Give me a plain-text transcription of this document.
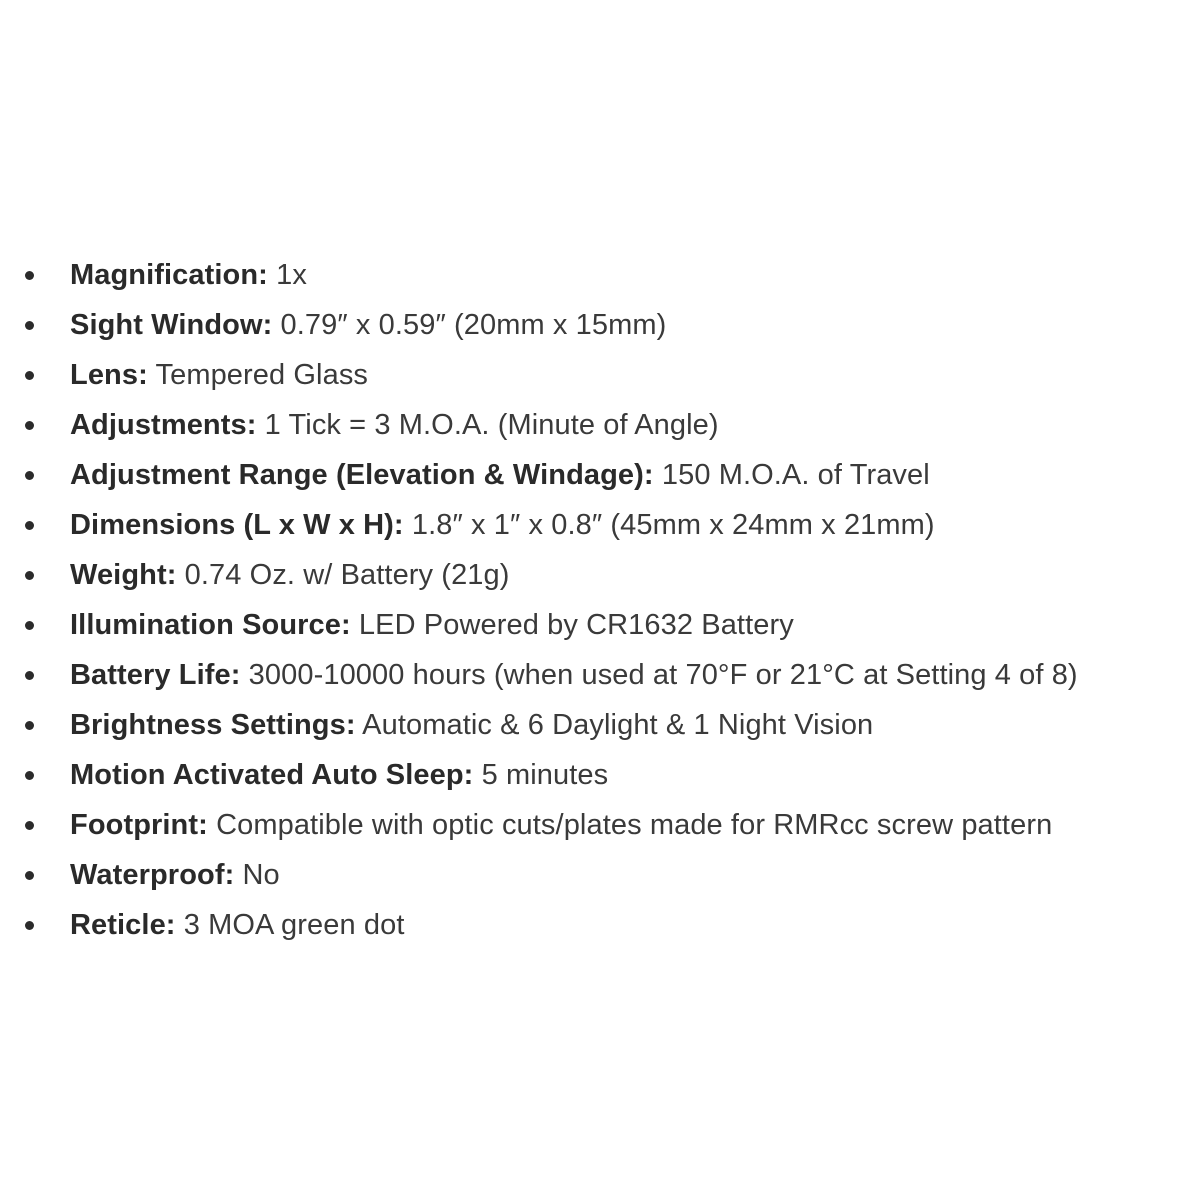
Magnification: 1x
Sight Window: 0.79″ x 0.59″ (20mm x 15mm)
Lens: Tempered Glass
Adjustments: 1 Tick = 3 M.O.A. (Minute of Angle)
Adjustment Range (Elevation & Windage): 150 M.O.A. of Travel
Dimensions (L x W x H): 1.8″ x 1″ x 0.8″ (45mm x 24mm x 21mm)
Weight: 0.74 Oz. w/ Battery (21g)
Illumination Source: LED Powered by CR1632 Battery
Battery Life: 3000-10000 hours (when used at 70°F or 21°C at Setting 4 of 8)
Brightness Settings: Automatic & 6 Daylight & 1 Night Vision
Motion Activated Auto Sleep: 5 minutes
Footprint: Compatible with optic cuts/plates made for RMRcc screw pattern
Waterproof: No
Reticle: 3 MOA green dot
